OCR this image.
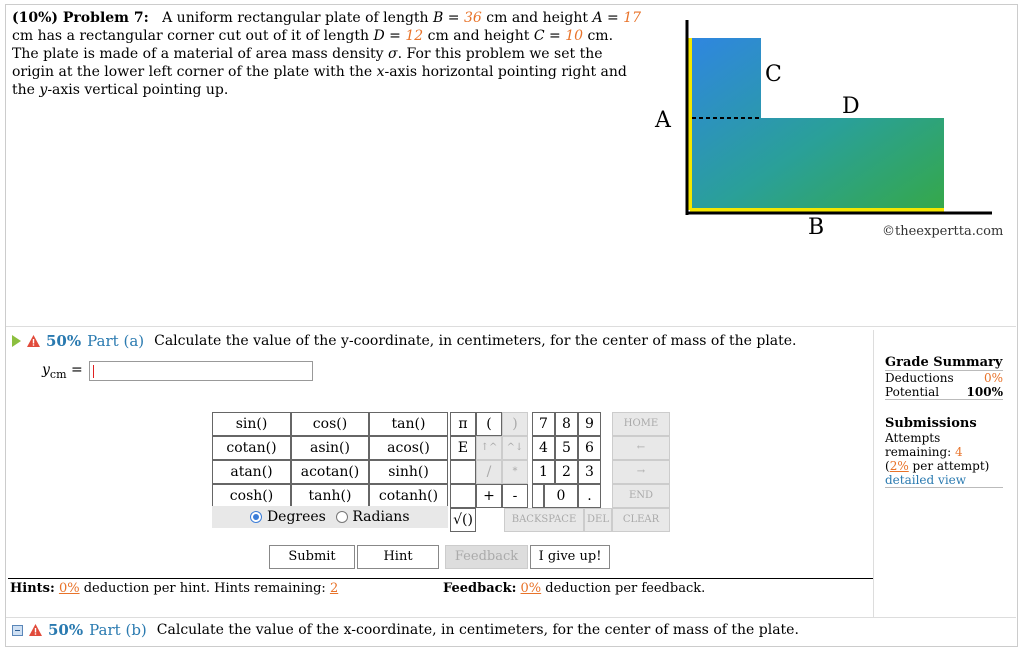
(10%) Problem 7: A uniform rectangular plate of length B = 36 cm and height A = 17 cm has a rectangular corner cut out of it of length D = 12 cm and height C = 10 cm. The plate is made of a material of area mass density σ. For this problem we set the origin at the lower left corner of the plate with the x-axis horizontal pointing right and the y-axis vertical pointing up.
A
B
C
D
©theexpertta.com
50% Part (a) Calculate the value of the y-coordinate, in centimeters, for the center of mass of the plate.
$y_{cm}$ =
sin()	cos()	tan()
cotan()	asin()	acos()
atan()	acotan()	sinh()
cosh()	tanh()	cotanh()
π	(	)
E	↑^ ^↓
/	*
+	-
√()
7	8	9
4	5	6
1	2	3
0	.
HOME
←
→
END
BACKSPACE	DEL	CLEAR
Degrees	Radians
Submit	Hint	Feedback	I give up!
Hints: 0% deduction per hint. Hints remaining: 2	Feedback: 0% deduction per feedback.
Grade Summary
Deductions	0%
Potential 100%
Submissions
Attempts remaining: 4
(2% per attempt)
detailed view
50% Part (b) Calculate the value of the x-coordinate, in centimeters, for the center of mass of the plate.
